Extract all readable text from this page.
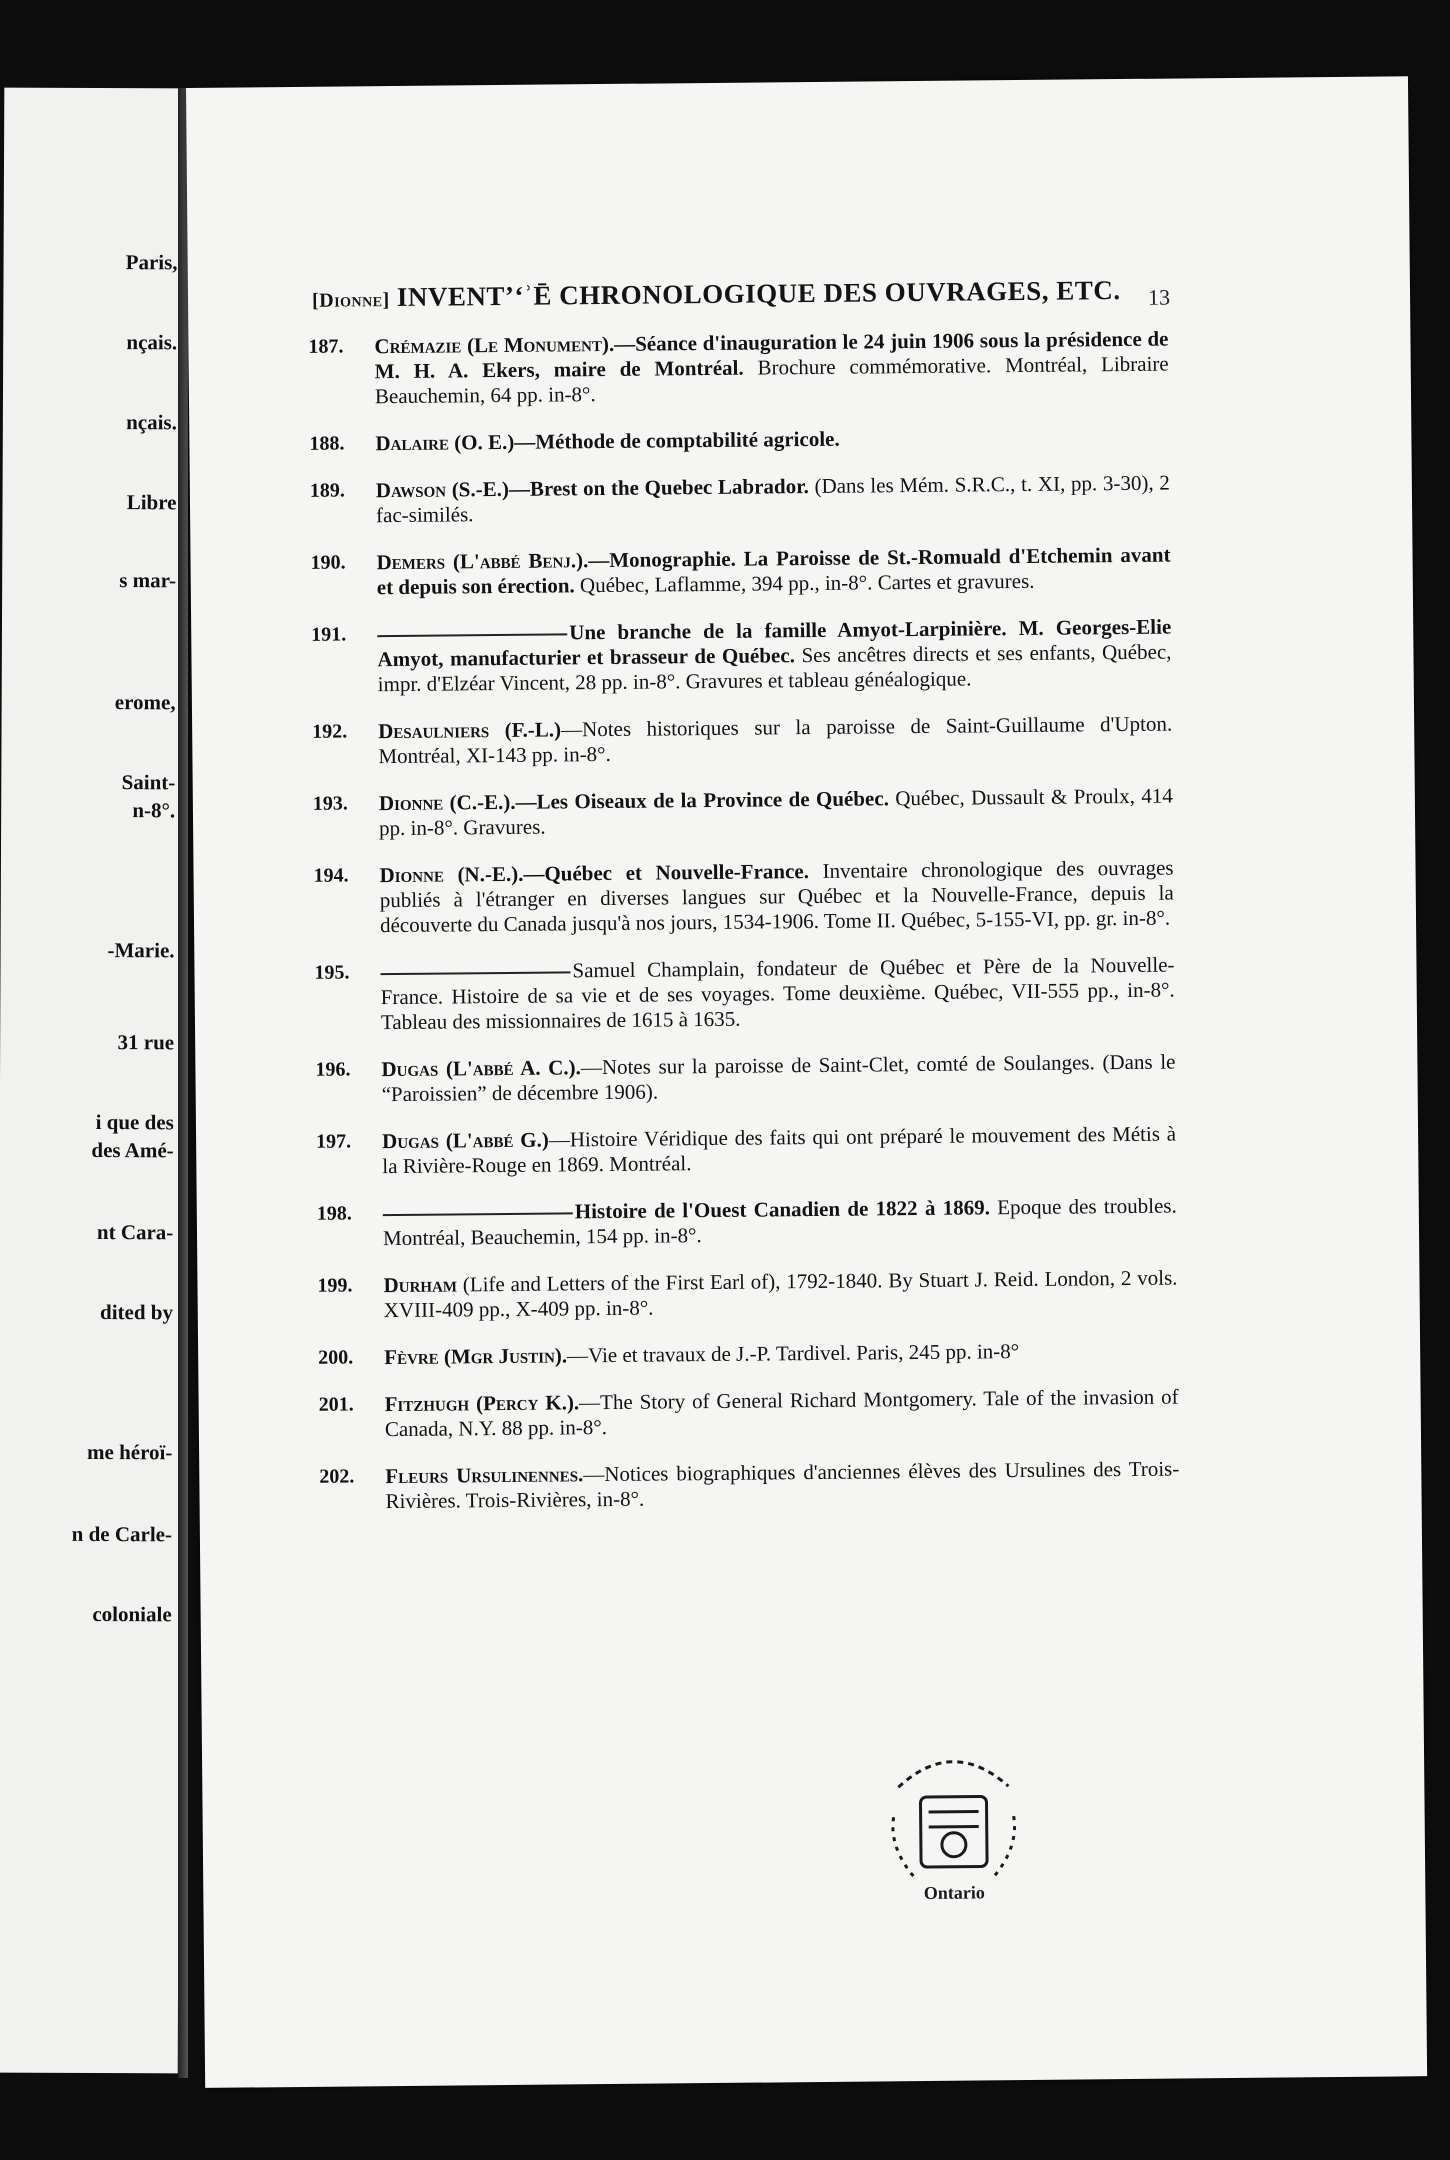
Paris,
nçais.
nçais.
Libre
s mar-
erome,
Saint-
n-8°.
-Marie.
31 rue
i que des
des Amé-
nt Cara-
dited by
me héroï-
n de Carle-
coloniale
[Dionne] INVENT’‘ʾĒ CHRONOLOGIQUE DES OUVRAGES, ETC.	13
187. Crémazie (Le Monument).—Séance d'inauguration le 24 juin 1906 sous la présidence de M. H. A. Ekers, maire de Montréal. Brochure commémorative. Montréal, Libraire Beauchemin, 64 pp. in-8°.
188. Dalaire (O. E.)—Méthode de comptabilité agricole.
189. Dawson (S.-E.)—Brest on the Quebec Labrador. (Dans les Mém. S.R.C., t. XI, pp. 3-30), 2 fac-similés.
190. Demers (L'abbé Benj.).—Monographie. La Paroisse de St.-Romuald d'Etchemin avant et depuis son érection. Québec, Laflamme, 394 pp., in-8°. Cartes et gravures.
191.	Une branche de la famille Amyot-Larpinière. M. Georges-Elie Amyot, manufacturier et brasseur de Québec. Ses ancêtres directs et ses enfants, Québec, impr. d'Elzéar Vincent, 28 pp. in-8°. Gravures et tableau généalogique.
192. Desaulniers (F.-L.)—Notes historiques sur la paroisse de Saint-Guillaume d'Upton. Montréal, XI-143 pp. in-8°.
193. Dionne (C.-E.).—Les Oiseaux de la Province de Québec. Québec, Dussault & Proulx, 414 pp. in-8°. Gravures.
194. Dionne (N.-E.).—Québec et Nouvelle-France. Inventaire chronologique des ouvrages publiés à l'étranger en diverses langues sur Québec et la Nouvelle-France, depuis la découverte du Canada jusqu'à nos jours, 1534-1906. Tome II. Québec, 5-155-VI, pp. gr. in-8°.
195.	Samuel Champlain, fondateur de Québec et Père de la Nouvelle-France. Histoire de sa vie et de ses voyages. Tome deuxième. Québec, VII-555 pp., in-8°. Tableau des missionnaires de 1615 à 1635.
196. Dugas (L'abbé A. C.).—Notes sur la paroisse de Saint-Clet, comté de Soulanges. (Dans le “Paroissien” de décembre 1906).
197. Dugas (L'abbé G.)—Histoire Véridique des faits qui ont préparé le mouvement des Métis à la Rivière-Rouge en 1869. Montréal.
198.	Histoire de l'Ouest Canadien de 1822 à 1869. Epoque des troubles. Montréal, Beauchemin, 154 pp. in-8°.
199. Durham (Life and Letters of the First Earl of), 1792-1840. By Stuart J. Reid. London, 2 vols. XVIII-409 pp., X-409 pp. in-8°.
200. Fèvre (Mgr Justin).—Vie et travaux de J.-P. Tardivel. Paris, 245 pp. in-8°
201. Fitzhugh (Percy K.).—The Story of General Richard Montgomery. Tale of the invasion of Canada, N.Y. 88 pp. in-8°.
202. Fleurs Ursulinennes.—Notices biographiques d'anciennes élèves des Ursulines des Trois-Rivières. Trois-Rivières, in-8°.
Ontario
